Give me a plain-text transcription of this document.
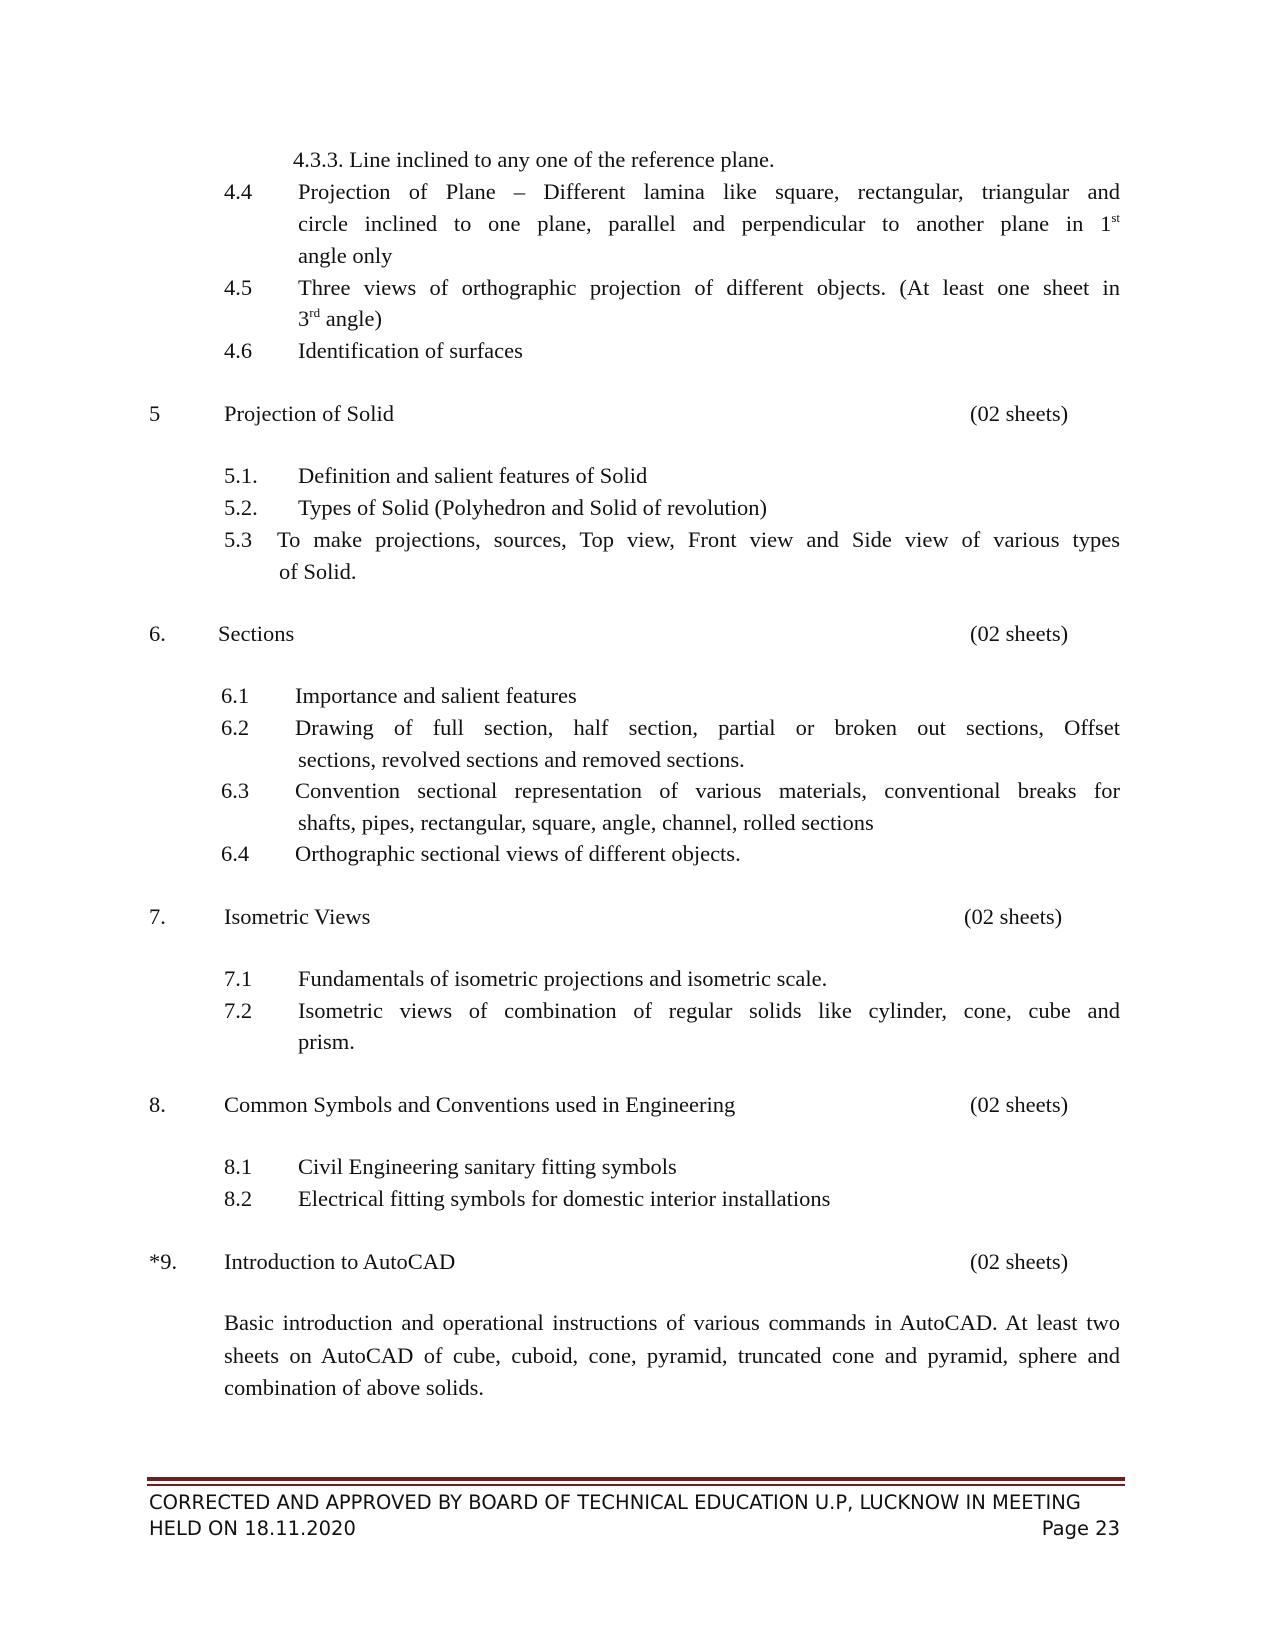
4.3.3. Line inclined to any one of the reference plane.
4.4 Projection of Plane – Different lamina like square, rectangular, triangular and
circle inclined to one plane, parallel and perpendicular to another plane in 1st
angle only
4.5 Three views of orthographic projection of different objects. (At least one sheet in
3rd angle)
4.6 Identification of surfaces
5	Projection of Solid	(02 sheets)
5.1. Definition and salient features of Solid
5.2. Types of Solid (Polyhedron and Solid of revolution)
5.3 To make projections, sources, Top view, Front view and Side view of various types
of Solid.
6. Sections	(02 sheets)
6.1 Importance and salient features
6.2 Drawing of full section, half section, partial or broken out sections, Offset
sections, revolved sections and removed sections.
6.3 Convention sectional representation of various materials, conventional breaks for
shafts, pipes, rectangular, square, angle, channel, rolled sections
6.4 Orthographic sectional views of different objects.
7.	Isometric Views	(02 sheets)
7.1 Fundamentals of isometric projections and isometric scale.
7.2 Isometric views of combination of regular solids like cylinder, cone, cube and
prism.
8.	Common Symbols and Conventions used in Engineering	(02 sheets)
8.1 Civil Engineering sanitary fitting symbols
8.2 Electrical fitting symbols for domestic interior installations
*9. Introduction to AutoCAD	(02 sheets)
Basic introduction and operational instructions of various commands in AutoCAD. At least two sheets on AutoCAD of cube, cuboid, cone, pyramid, truncated cone and pyramid, sphere and combination of above solids.
CORRECTED AND APPROVED BY BOARD OF TECHNICAL EDUCATION U.P, LUCKNOW IN MEETING
HELD ON 18.11.2020	Page 23
